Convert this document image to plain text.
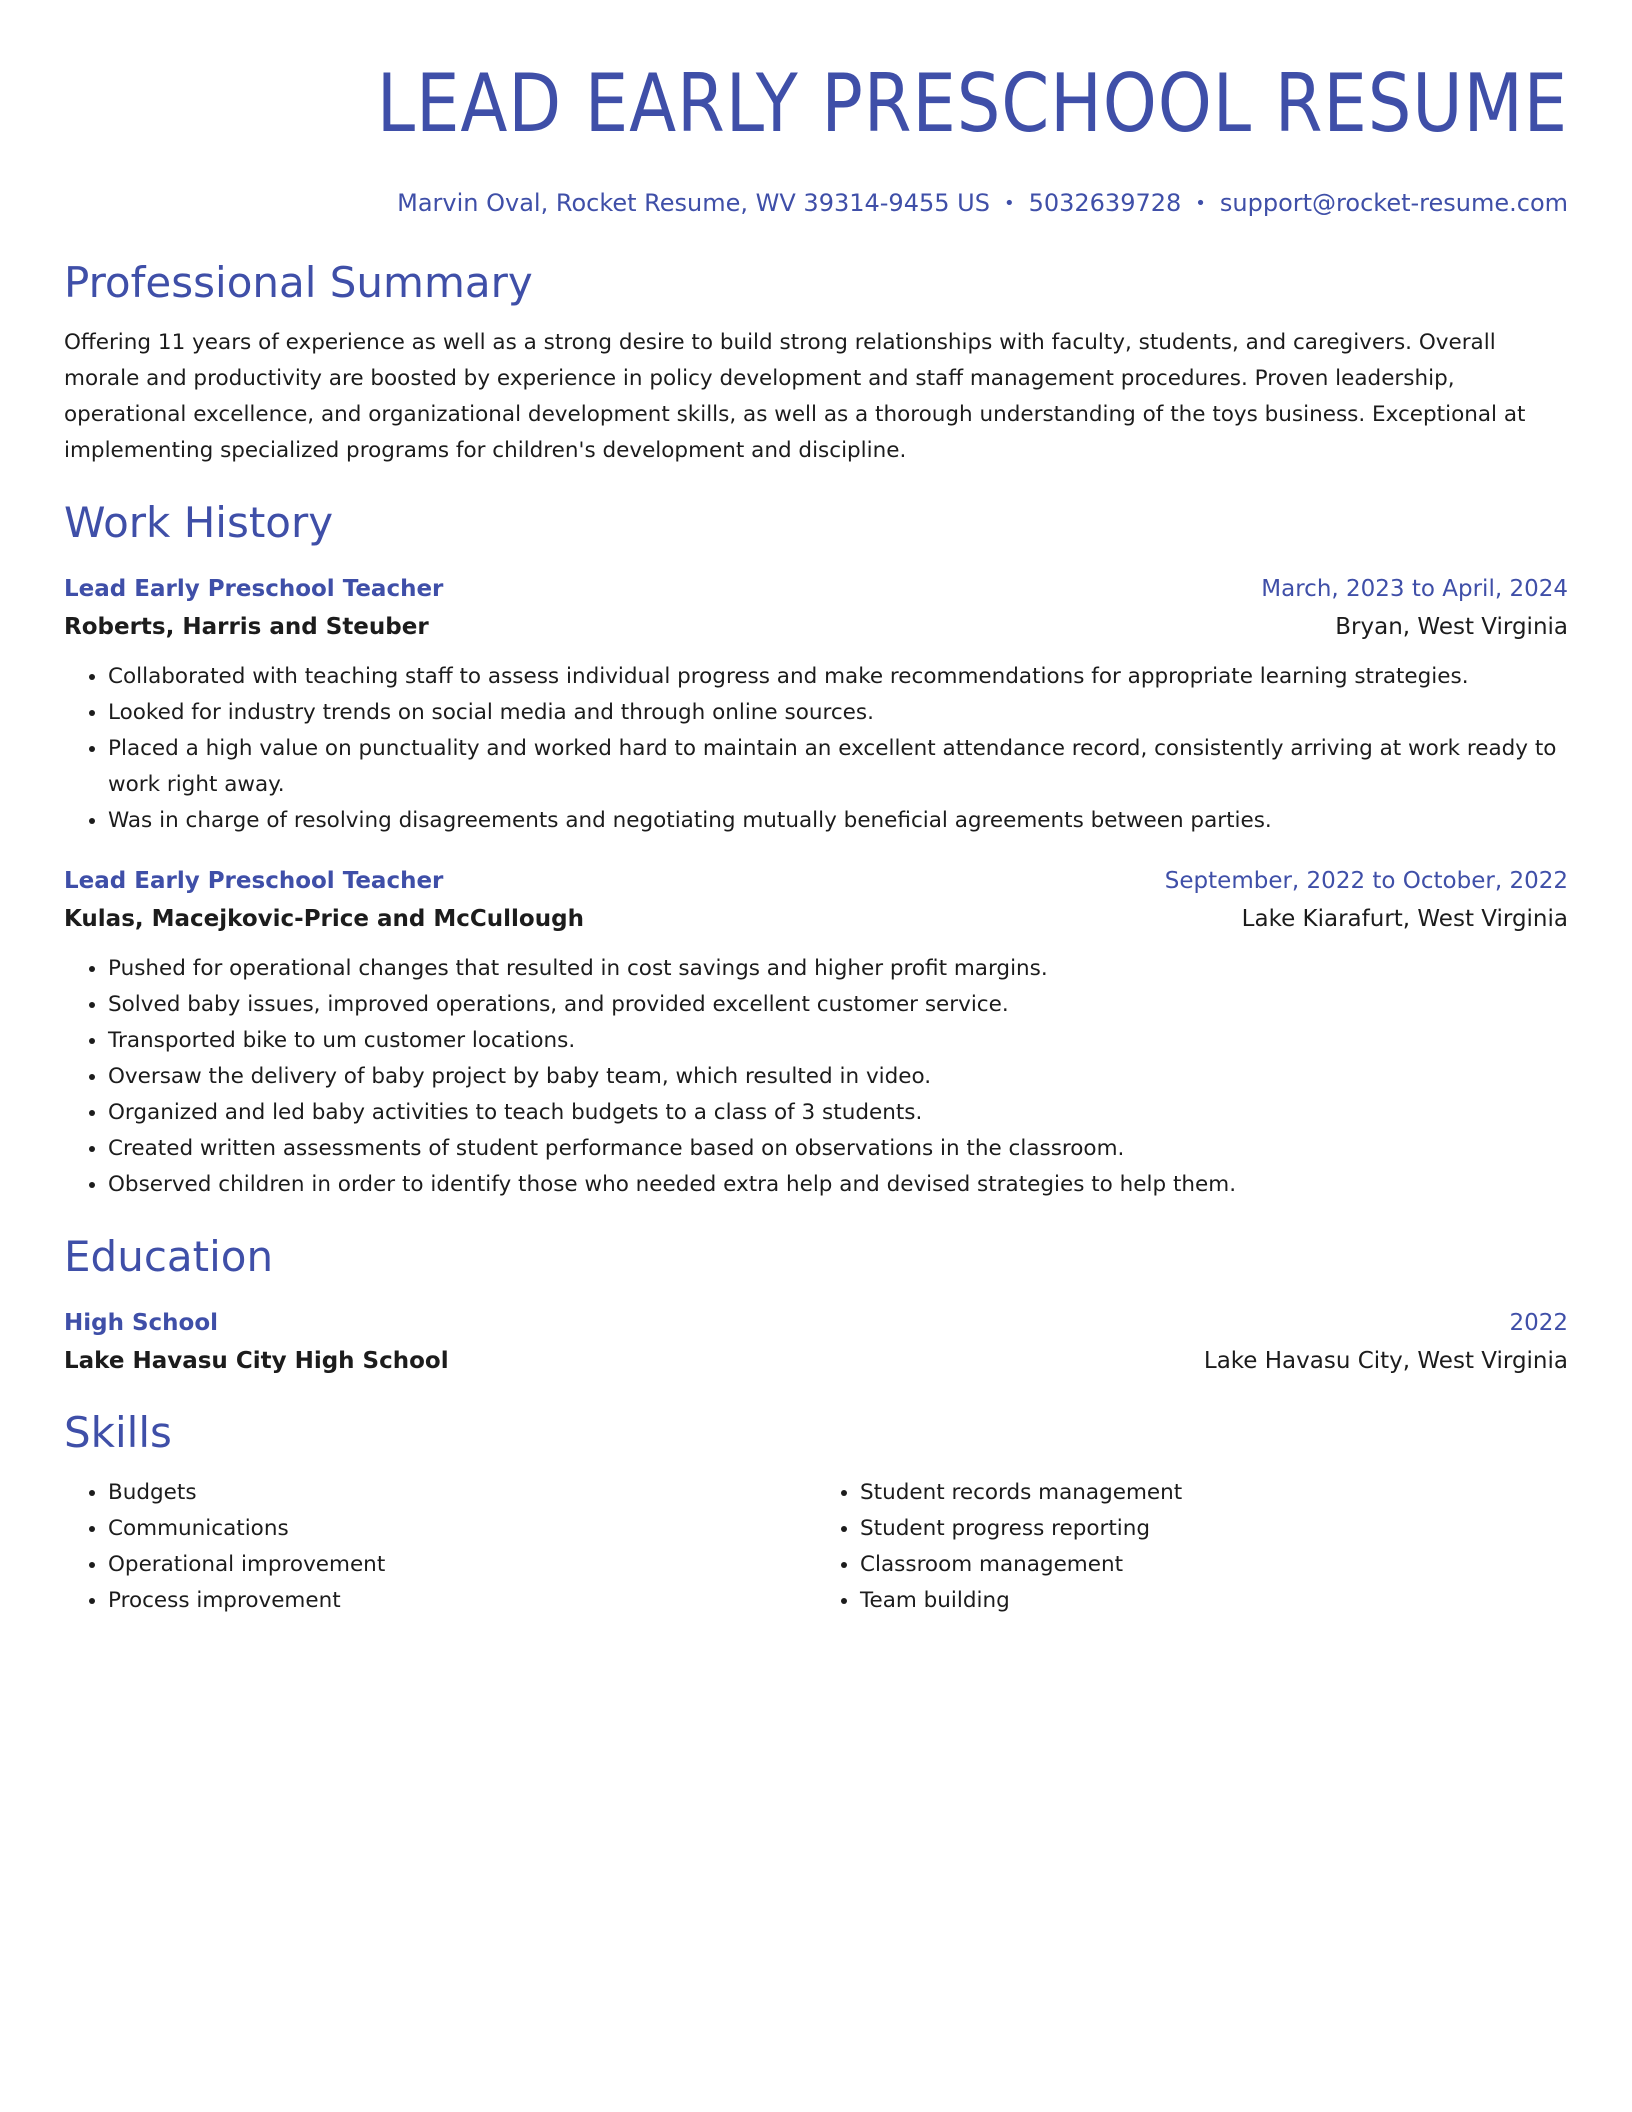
LEAD EARLY PRESCHOOL RESUME
Marvin Oval, Rocket Resume, WV 39314-9455 US • 5032639728 • support@rocket-resume.com
Professional Summary
Offering 11 years of experience as well as a strong desire to build strong relationships with faculty, students, and caregivers. Overall morale and productivity are boosted by experience in policy development and staff management procedures. Proven leadership, operational excellence, and organizational development skills, as well as a thorough understanding of the toys business. Exceptional at implementing specialized programs for children's development and discipline.
Work History
Lead Early Preschool Teacher	March, 2023 to April, 2024
Roberts, Harris and Steuber	Bryan, West Virginia
• Collaborated with teaching staff to assess individual progress and make recommendations for appropriate learning strategies.
• Looked for industry trends on social media and through online sources.
• Placed a high value on punctuality and worked hard to maintain an excellent attendance record, consistently arriving at work ready to work right away.
• Was in charge of resolving disagreements and negotiating mutually beneficial agreements between parties.
Lead Early Preschool Teacher	September, 2022 to October, 2022
Kulas, Macejkovic-Price and McCullough	Lake Kiarafurt, West Virginia
• Pushed for operational changes that resulted in cost savings and higher profit margins.
• Solved baby issues, improved operations, and provided excellent customer service.
• Transported bike to um customer locations.
• Oversaw the delivery of baby project by baby team, which resulted in video.
• Organized and led baby activities to teach budgets to a class of 3 students.
• Created written assessments of student performance based on observations in the classroom.
• Observed children in order to identify those who needed extra help and devised strategies to help them.
Education
High School	2022
Lake Havasu City High School	Lake Havasu City, West Virginia
Skills
• Budgets
• Communications
• Operational improvement
• Process improvement
• Student records management
• Student progress reporting
• Classroom management
• Team building
